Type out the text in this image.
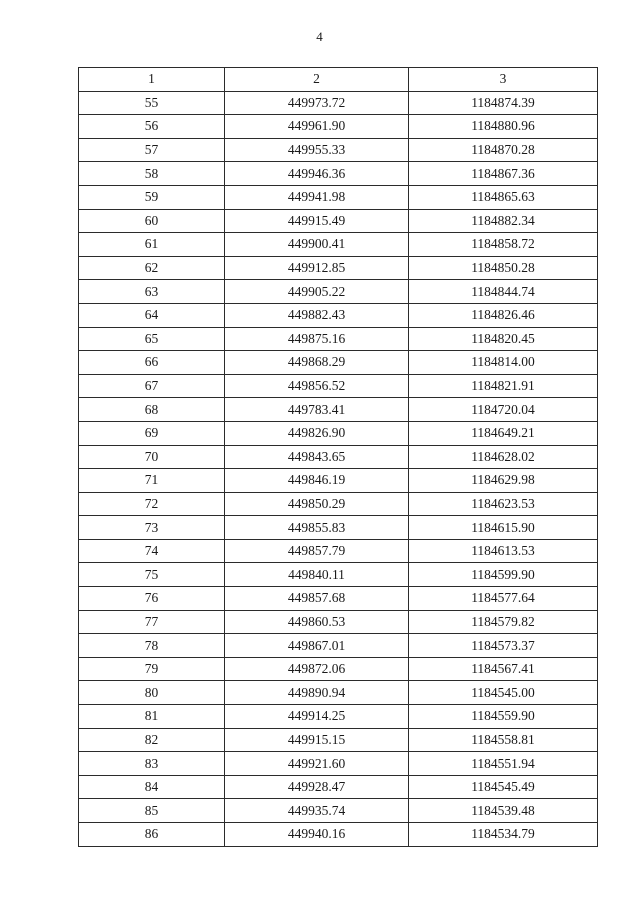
4
1	2	3
55	449973.72	1184874.39
56	449961.90	1184880.96
57	449955.33	1184870.28
58	449946.36	1184867.36
59	449941.98	1184865.63
60	449915.49	1184882.34
61	449900.41	1184858.72
62	449912.85	1184850.28
63	449905.22	1184844.74
64	449882.43	1184826.46
65	449875.16	1184820.45
66	449868.29	1184814.00
67	449856.52	1184821.91
68	449783.41	1184720.04
69	449826.90	1184649.21
70	449843.65	1184628.02
71	449846.19	1184629.98
72	449850.29	1184623.53
73	449855.83	1184615.90
74	449857.79	1184613.53
75	449840.11	1184599.90
76	449857.68	1184577.64
77	449860.53	1184579.82
78	449867.01	1184573.37
79	449872.06	1184567.41
80	449890.94	1184545.00
81	449914.25	1184559.90
82	449915.15	1184558.81
83	449921.60	1184551.94
84	449928.47	1184545.49
85	449935.74	1184539.48
86	449940.16	1184534.79
